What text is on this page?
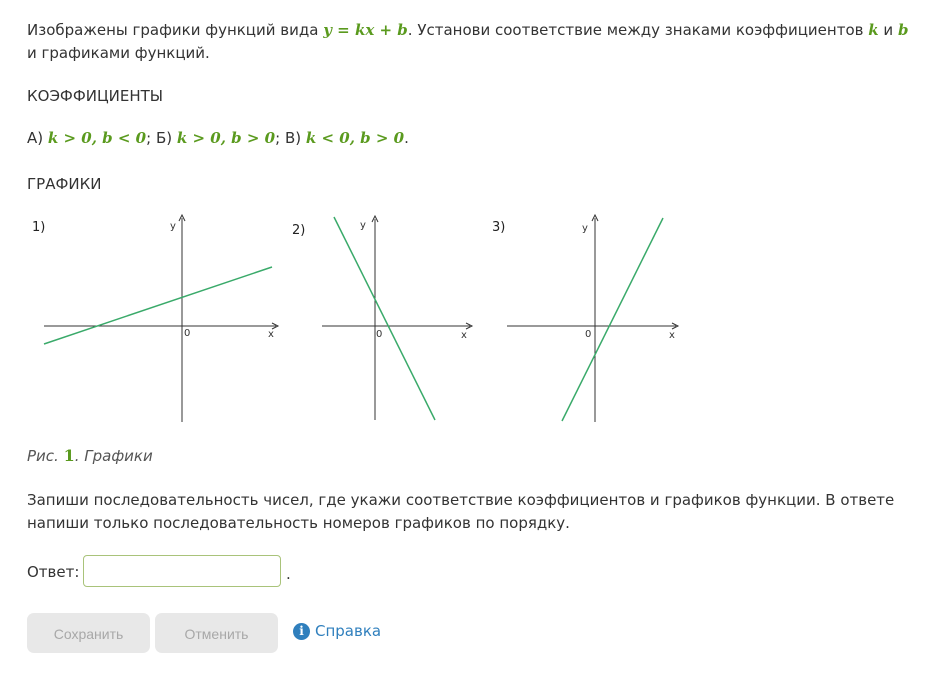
Изображены графики функций вида y = kx + b. Установи соответствие между знаками коэффициентов k и b и графиками функций.

КОЭФФИЦИЕНТЫ

А) k > 0, b < 0; Б) k > 0, b > 0; В) k < 0, b > 0.

ГРАФИКИ

1)	2)	3)
y
x
0
y
x
0
y
x
0

Рис. 1. Графики

Запиши последовательность чисел, где укажи соответствие коэффициентов и графиков функции. В ответе напиши только последовательность номеров графиков по порядку.

Ответ:	.
Сохранить	Отменить	i Справка
